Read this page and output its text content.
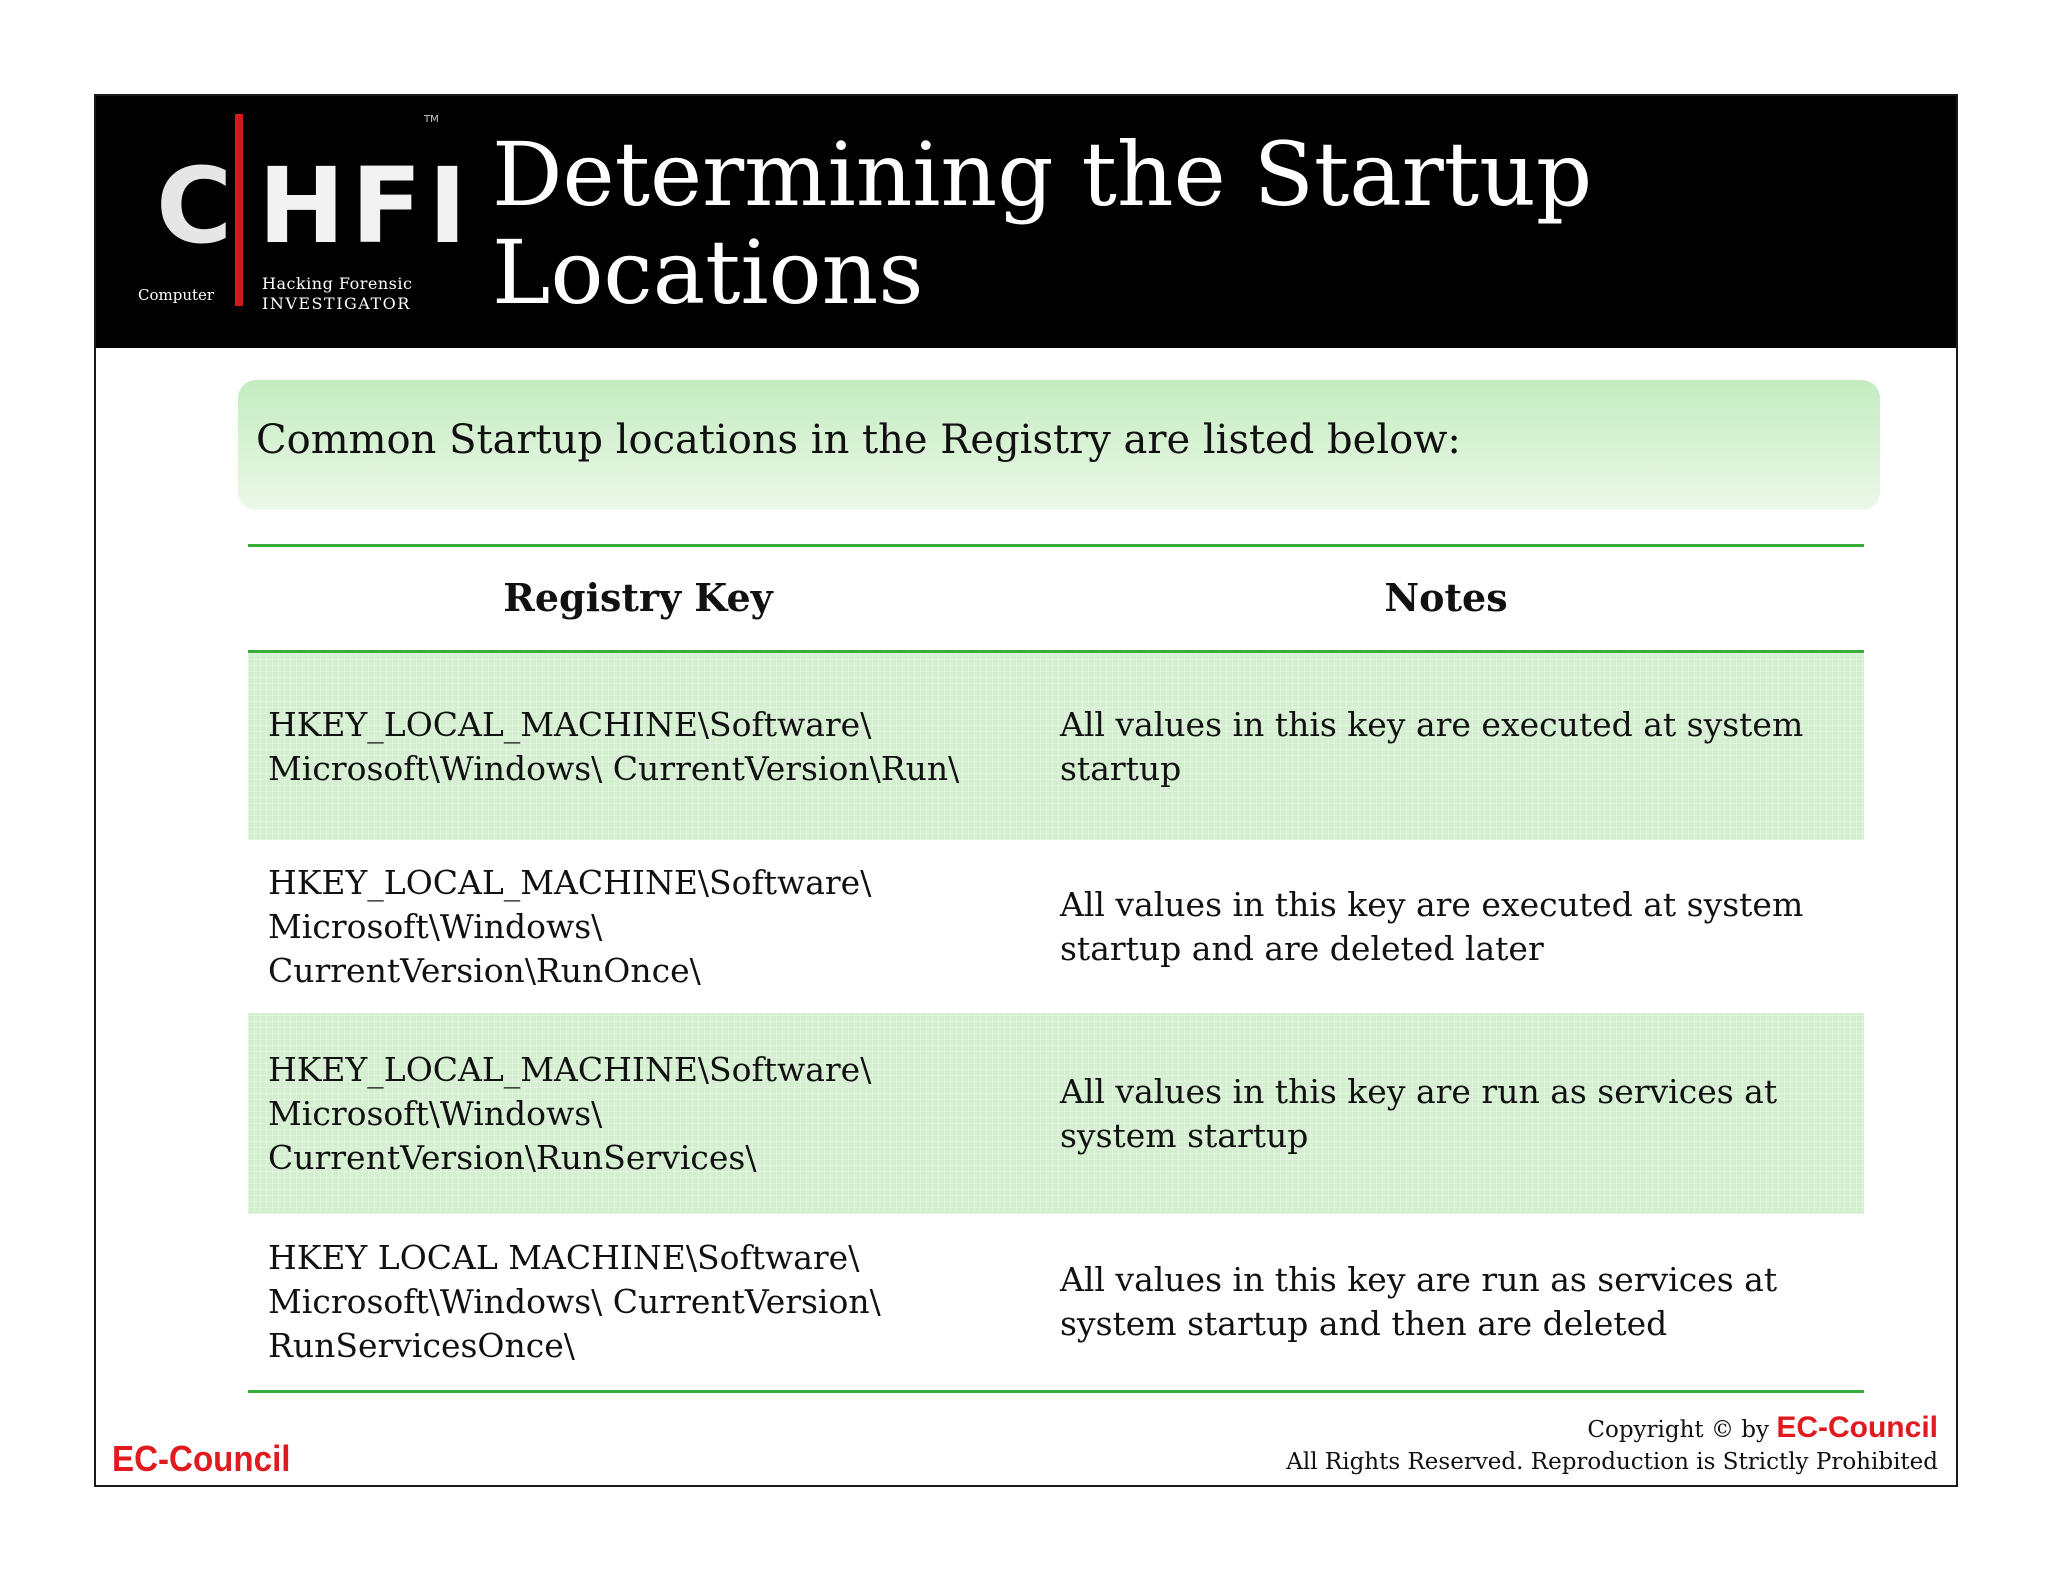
C HFI
TM
Computer
Hacking Forensic
INVESTIGATOR
Determining the Startup Locations
Common Startup locations in the Registry are listed below:
Registry Key	Notes
HKEY_LOCAL_MACHINE\Software\
Microsoft\Windows\ CurrentVersion\Run\
All values in this key are executed at system
startup
HKEY_LOCAL_MACHINE\Software\
Microsoft\Windows\
CurrentVersion\RunOnce\
All values in this key are executed at system
startup and are deleted later
HKEY_LOCAL_MACHINE\Software\
Microsoft\Windows\
CurrentVersion\RunServices\
All values in this key are run as services at
system startup
HKEY LOCAL MACHINE\Software\
Microsoft\Windows\ CurrentVersion\
RunServicesOnce\
All values in this key are run as services at
system startup and then are deleted
EC-Council
Copyright © by EC-Council
All Rights Reserved. Reproduction is Strictly Prohibited
